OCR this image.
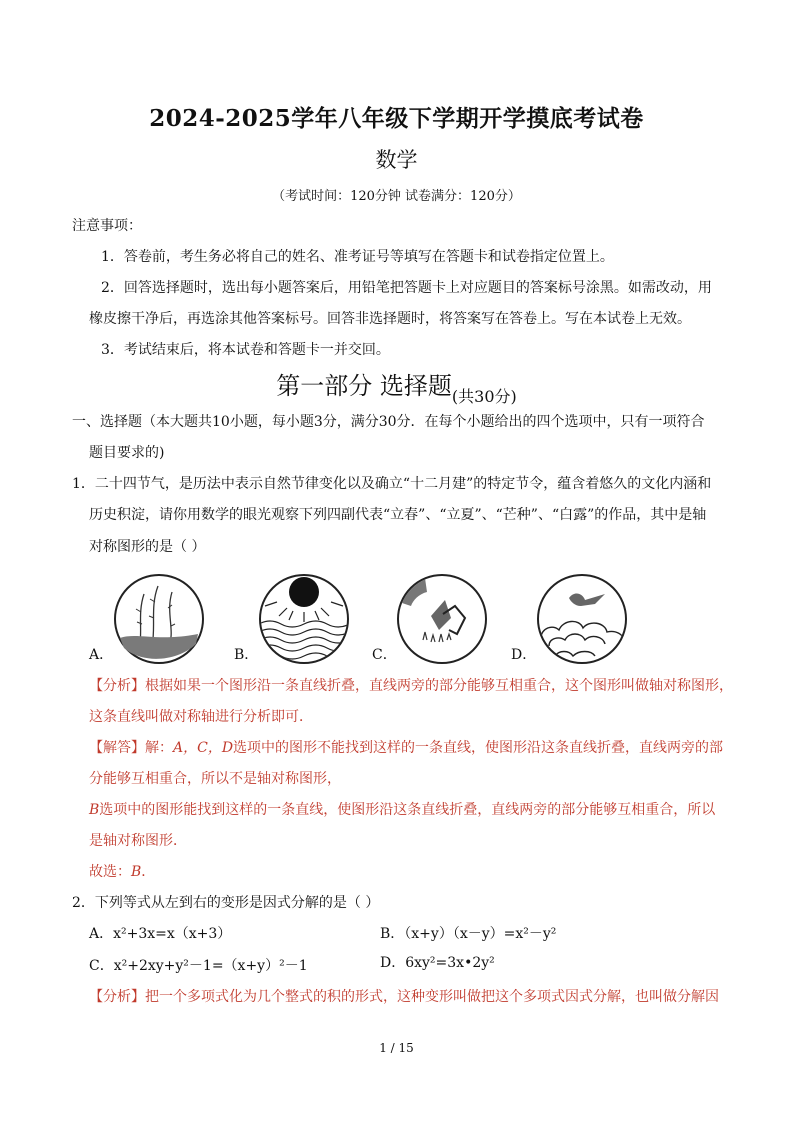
2024-2025学年八年级下学期开学摸底考试卷
数学
（考试时间：120分钟 试卷满分：120分）
注意事项：
1．答卷前，考生务必将自己的姓名、准考证号等填写在答题卡和试卷指定位置上。
2．回答选择题时，选出每小题答案后，用铅笔把答题卡上对应题目的答案标号涂黑。如需改动，用
橡皮擦干净后，再选涂其他答案标号。回答非选择题时，将答案写在答卷上。写在本试卷上无效。
3．考试结束后，将本试卷和答题卡一并交回。
第一部分 选择题$_{(共30分)}$
一、选择题（本大题共10小题，每小题3分，满分30分．在每个小题给出的四个选项中，只有一项符合
题目要求的)
1．二十四节气，是历法中表示自然节律变化以及确立“十二月建”的特定节令，蕴含着悠久的文化内涵和
历史积淀，请你用数学的眼光观察下列四副代表“立春”、“立夏”、“芒种”、“白露”的作品，其中是轴
对称图形的是（ ）
A．	B．	C．	D．
【分析】根据如果一个图形沿一条直线折叠，直线两旁的部分能够互相重合，这个图形叫做轴对称图形，
这条直线叫做对称轴进行分析即可．
【解答】解：A，C，D选项中的图形不能找到这样的一条直线，使图形沿这条直线折叠，直线两旁的部
分能够互相重合，所以不是轴对称图形，
B选项中的图形能找到这样的一条直线，使图形沿这条直线折叠，直线两旁的部分能够互相重合，所以
是轴对称图形．
故选：B．
2．下列等式从左到右的变形是因式分解的是（ ）
A．x²+3x=x（x+3）	B．（x+y）（x－y）=x²－y²
C．x²+2xy+y²－1=（x+y）²－1	D．6xy²=3x•2y²
【分析】把一个多项式化为几个整式的积的形式，这种变形叫做把这个多项式因式分解，也叫做分解因
1 / 15
